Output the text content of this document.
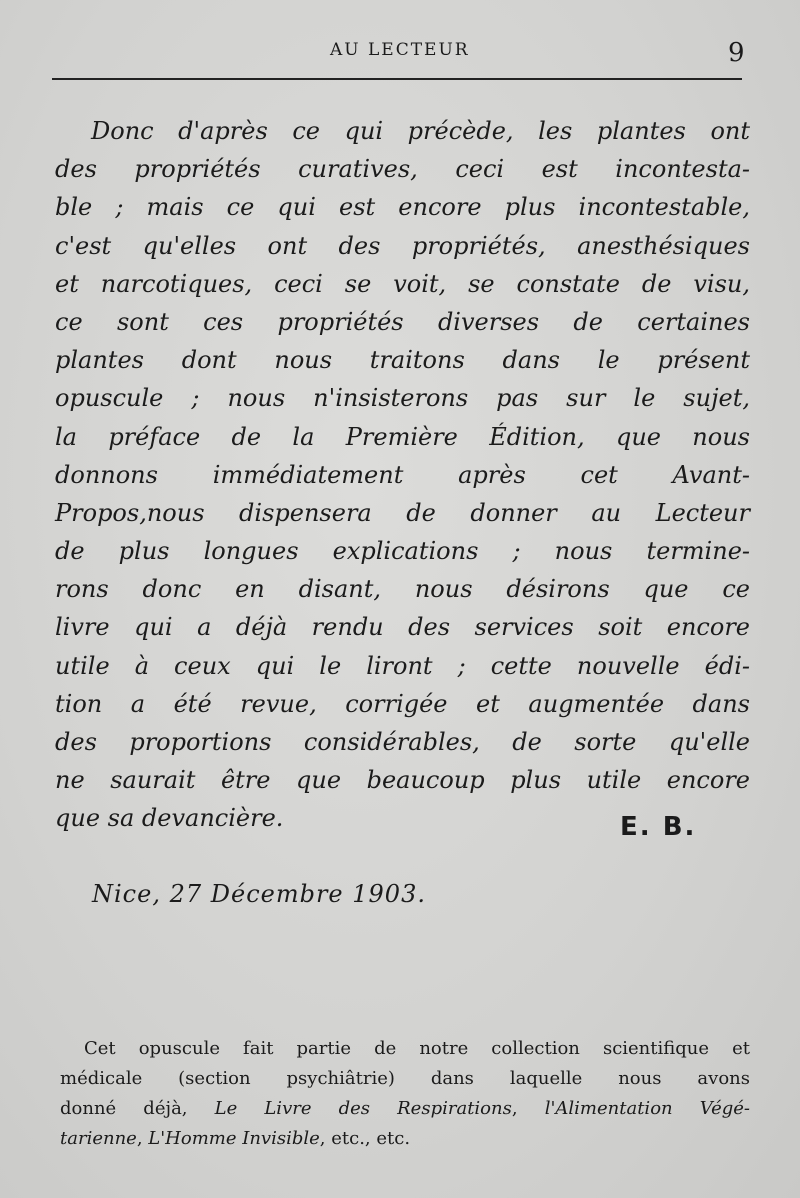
AU LECTEUR	9
Donc d'après ce qui précède, les plantes ont
des propriétés curatives, ceci est incontesta-
ble ; mais ce qui est encore plus incontestable,
c'est qu'elles ont des propriétés, anesthésiques
et narcotiques, ceci se voit, se constate de visu,
ce sont ces propriétés diverses de certaines
plantes dont nous traitons dans le présent
opuscule ; nous n'insisterons pas sur le sujet,
la préface de la Première Édition, que nous
donnons immédiatement après cet Avant-
Propos,nous dispensera de donner au Lecteur
de plus longues explications ; nous termine-
rons donc en disant, nous désirons que ce
livre qui a déjà rendu des services soit encore
utile à ceux qui le liront ; cette nouvelle édi-
tion a été revue, corrigée et augmentée dans
des proportions considérables, de sorte qu'elle
ne saurait être que beaucoup plus utile encore
que sa devancière.	E. B.
Nice, 27 Décembre 1903.
Cet opuscule fait partie de notre collection scientifique et
médicale (section psychiâtrie) dans laquelle nous avons
donné déjà, Le Livre des Respirations, l'Alimentation Végé-
tarienne, L'Homme Invisible, etc., etc.
